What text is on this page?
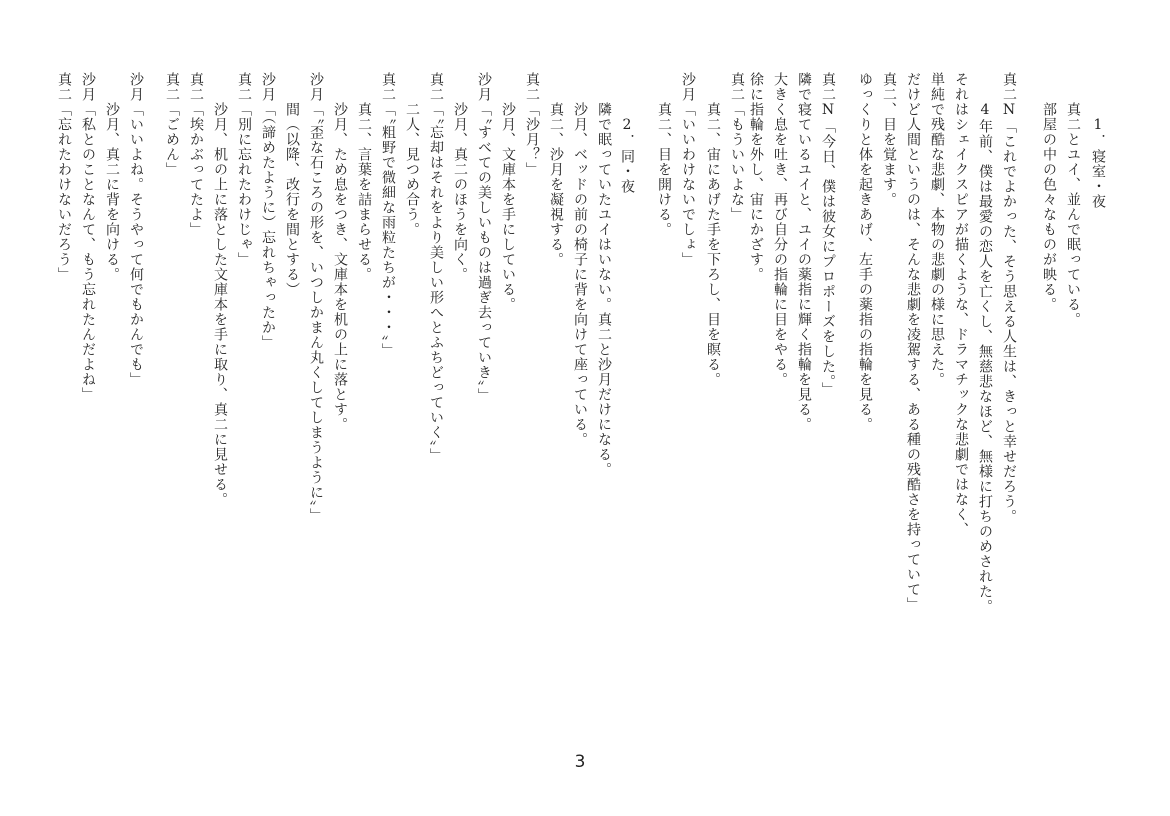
1．寝室・夜

真二とユイ、並んで眠っている。

部屋の中の色々なものが映る。

真二N「これでよかった、そう思える人生は、きっと幸せだろう。

4年前、僕は最愛の恋人を亡くし、無慈悲なほど、無様に打ちのめされた。

それはシェイクスピアが描くような、ドラマチックな悲劇ではなく、

単純で残酷な悲劇、本物の悲劇の様に思えた。

だけど人間というのは、そんな悲劇を凌駕する、ある種の残酷さを持っていて」

真二、目を覚ます。

ゆっくりと体を起きあげ、左手の薬指の指輪を見る。

真二N「今日、僕は彼女にプロポーズをした。」

隣で寝ているユイと、ユイの薬指に輝く指輪を見る。

大きく息を吐き、再び自分の指輪に目をやる。

徐に指輪を外し、宙にかざす。

真二「もういいよな」

真二、宙にあげた手を下ろし、目を瞑る。

沙月「いいわけないでしょ」

真二、目を開ける。

2．同・夜

隣で眠っていたユイはいない。真二と沙月だけになる。

沙月、ベッドの前の椅子に背を向けて座っている。

真二、沙月を凝視する。

真二「沙月？」

沙月、文庫本を手にしている。

沙月「〝すべての美しいものは過ぎ去っていき〟」

沙月、真二のほうを向く。

真二「〝忘却はそれをより美しい形へとふちどっていく〟」

二人、見つめ合う。

真二「〝粗野で微細な雨粒たちが・・・〟」

真二、言葉を詰まらせる。

沙月、ため息をつき、文庫本を机の上に落とす。

沙月「〝歪な石ころの形を、いつしかまん丸くしてしまうように〟」

間（以降、改行を間とする）

沙月「（諦めたように）忘れちゃったか」

真二「別に忘れたわけじゃ」

沙月、机の上に落とした文庫本を手に取り、真二に見せる。

真二「埃かぶってたよ」

真二「ごめん」

沙月「いいよね。そうやって何でもかんでも」

沙月、真二に背を向ける。

沙月「私とのことなんて、もう忘れたんだよね」

真二「忘れたわけないだろう」

3
